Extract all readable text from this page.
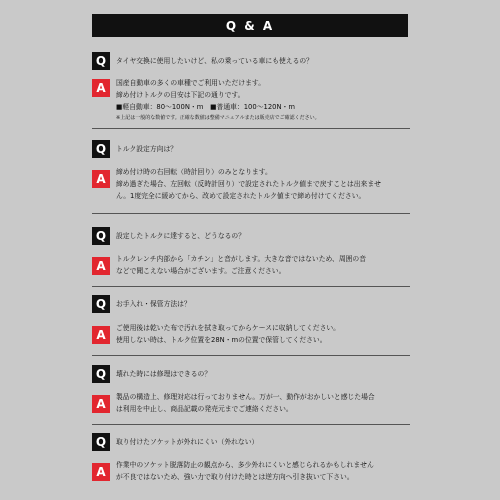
Q & A
Q	タイヤ交換に使用したいけど、私の乗っている車にも使えるの？
A	国産自動車の多くの車種でご利用いただけます。
締め付けトルクの目安は下記の通りです。
■軽自動車：80～100N・m　■普通車：100～120N・m
※上記は一般的な数値です。正確な数値は整備マニュアルまたは販売店でご確認ください。
Q	トルク設定方向は？
A	締め付け時の右回転（時計回り）のみとなります。
締め過ぎた場合、左回転（反時計回り）で設定されたトルク値まで戻すことは出来ませ
ん。1度完全に緩めてから、改めて設定されたトルク値まで締め付けてください。
Q	設定したトルクに達すると、どうなるの？
A	トルクレンチ内部から「カチン」と音がします。大きな音ではないため、周囲の音
などで聞こえない場合がございます。ご注意ください。
Q	お手入れ・保管方法は？
A	ご使用後は乾いた布で汚れを拭き取ってからケースに収納してください。
使用しない時は、トルク位置を28N・mの位置で保管してください。
Q	壊れた時には修理はできるの？
A	製品の構造上、修理対応は行っておりません。万が一、動作がおかしいと感じた場合
は利用を中止し、商品記載の発売元までご連絡ください。
Q	取り付けたソケットが外れにくい（外れない）
A	作業中のソケット脱落防止の観点から、多少外れにくいと感じられるかもしれません
が不良ではないため、強い力で取り付けた時とは逆方向へ引き抜いて下さい。
